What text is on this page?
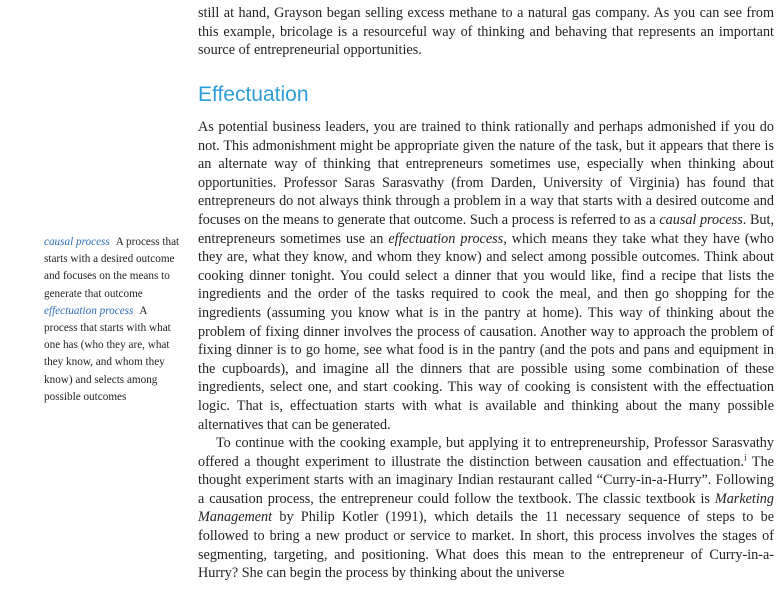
still at hand, Grayson began selling excess methane to a natural gas company. As you can see from this example, bricolage is a resourceful way of thinking and behaving that represents an important source of entrepreneurial opportunities.

Effectuation

As potential business leaders, you are trained to think rationally and perhaps admonished if you do not. This admonishment might be appropriate given the nature of the task, but it appears that there is an alternate way of thinking that entrepreneurs sometimes use, especially when thinking about opportunities. Professor Saras Sarasvathy (from Darden, University of Virginia) has found that entrepreneurs do not always think through a problem in a way that starts with a desired outcome and focuses on the means to generate that outcome. Such a process is referred to as a causal process. But, entrepreneurs sometimes use an effectuation process, which means they take what they have (who they are, what they know, and whom they know) and select among possible outcomes. Think about cooking dinner tonight. You could select a dinner that you would like, find a recipe that lists the ingredients and the order of the tasks required to cook the meal, and then go shopping for the ingredients (assuming you know what is in the pantry at home). This way of thinking about the problem of fixing dinner involves the process of causation. Another way to approach the problem of fixing dinner is to go home, see what food is in the pantry (and the pots and pans and equipment in the cupboards), and imagine all the dinners that are possible using some combination of these ingredients, select one, and start cooking. This way of cooking is consistent with the effectuation logic. That is, effectuation starts with what is available and thinking about the many possible alternatives that can be generated.

To continue with the cooking example, but applying it to entrepreneurship, Professor Sarasvathy offered a thought experiment to illustrate the distinction between causation and effectuation.$^i$ The thought experiment starts with an imaginary Indian restaurant called “Curry-in-a-Hurry”. Following a causation process, the entrepreneur could follow the textbook. The classic textbook is Marketing Management by Philip Kotler (1991), which details the 11 necessary sequence of steps to be followed to bring a new product or service to market. In short, this process involves the stages of segmenting, targeting, and positioning. What does this mean to the entrepreneur of Curry-in-a-Hurry? She can begin the process by thinking about the universe

causal process A process that starts with a desired outcome and focuses on the means to generate that outcome

effectuation process A process that starts with what one has (who they are, what they know, and whom they know) and selects among possible outcomes
